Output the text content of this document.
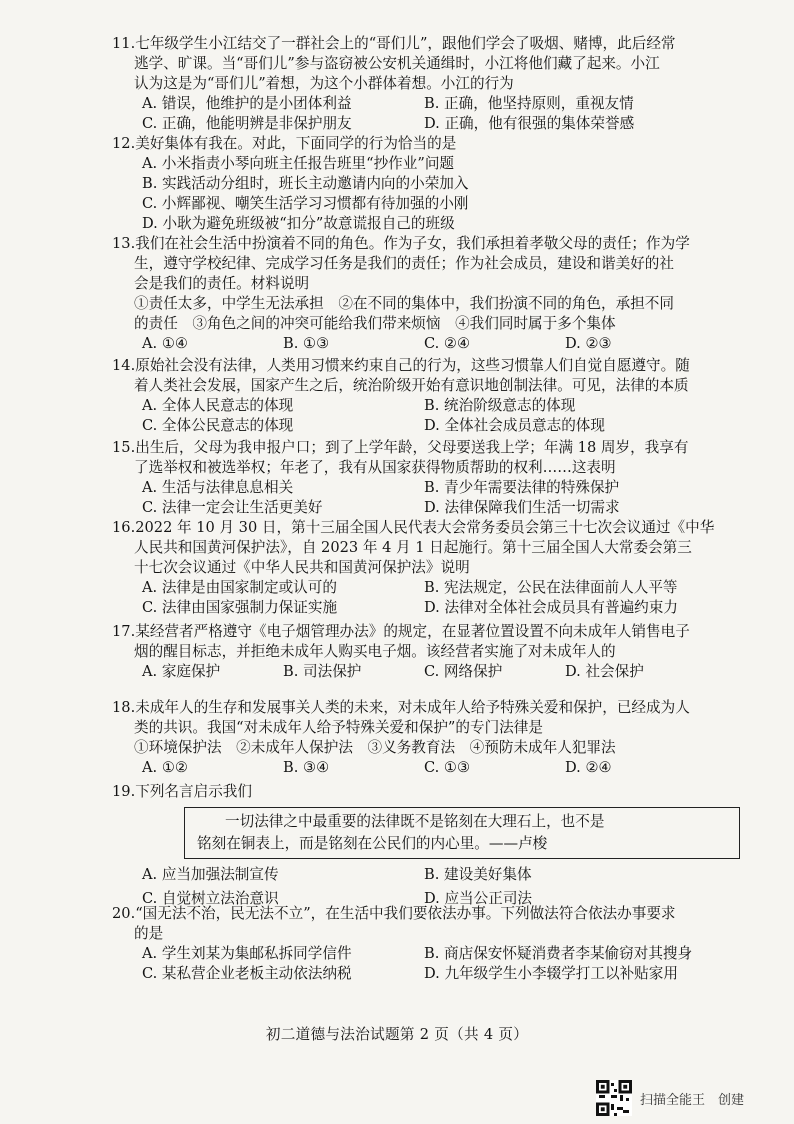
11.七年级学生小江结交了一群社会上的“哥们儿”，跟他们学会了吸烟、赌博，此后经常
逃学、旷课。当“哥们儿”参与盗窃被公安机关通缉时，小江将他们藏了起来。小江
认为这是为“哥们儿”着想，为这个小群体着想。小江的行为
A. 错误，他维护的是小团体利益	B. 正确，他坚持原则，重视友情
C. 正确，他能明辨是非保护朋友	D. 正确，他有很强的集体荣誉感
12.美好集体有我在。对此，下面同学的行为恰当的是
A. 小米指责小琴向班主任报告班里“抄作业”问题
B. 实践活动分组时，班长主动邀请内向的小荣加入
C. 小辉鄙视、嘲笑生活学习习惯都有待加强的小刚
D. 小耿为避免班级被“扣分”故意谎报自己的班级
13.我们在社会生活中扮演着不同的角色。作为子女，我们承担着孝敬父母的责任；作为学
生，遵守学校纪律、完成学习任务是我们的责任；作为社会成员，建设和谐美好的社
会是我们的责任。材料说明
①责任太多，中学生无法承担　②在不同的集体中，我们扮演不同的角色，承担不同
的责任　③角色之间的冲突可能给我们带来烦恼　④我们同时属于多个集体
A. ①④	B. ①③	C. ②④	D. ②③
14.原始社会没有法律，人类用习惯来约束自己的行为，这些习惯靠人们自觉自愿遵守。随
着人类社会发展，国家产生之后，统治阶级开始有意识地创制法律。可见，法律的本质
A. 全体人民意志的体现	B. 统治阶级意志的体现
C. 全体公民意志的体现	D. 全体社会成员意志的体现
15.出生后，父母为我申报户口；到了上学年龄，父母要送我上学；年满 18 周岁，我享有
了选举权和被选举权；年老了，我有从国家获得物质帮助的权利……这表明
A. 生活与法律息息相关	B. 青少年需要法律的特殊保护
C. 法律一定会让生活更美好	D. 法律保障我们生活一切需求
16.2022 年 10 月 30 日，第十三届全国人民代表大会常务委员会第三十七次会议通过《中华
人民共和国黄河保护法》，自 2023 年 4 月 1 日起施行。第十三届全国人大常委会第三
十七次会议通过《中华人民共和国黄河保护法》说明
A. 法律是由国家制定或认可的	B. 宪法规定，公民在法律面前人人平等
C. 法律由国家强制力保证实施	D. 法律对全体社会成员具有普遍约束力
17.某经营者严格遵守《电子烟管理办法》的规定，在显著位置设置不向未成年人销售电子
烟的醒目标志，并拒绝未成年人购买电子烟。该经营者实施了对未成年人的
A. 家庭保护	B. 司法保护	C. 网络保护	D. 社会保护
18.未成年人的生存和发展事关人类的未来，对未成年人给予特殊关爱和保护，已经成为人
类的共识。我国“对未成年人给予特殊关爱和保护”的专门法律是
①环境保护法　②未成年人保护法　③义务教育法　④预防未成年人犯罪法
A. ①②	B. ③④	C. ①③	D. ②④
19.下列名言启示我们
一切法律之中最重要的法律既不是铭刻在大理石上，也不是
铭刻在铜表上，而是铭刻在公民们的内心里。——卢梭
A. 应当加强法制宣传	B. 建设美好集体
C. 自觉树立法治意识	D. 应当公正司法
20.“国无法不治，民无法不立”，在生活中我们要依法办事。下列做法符合依法办事要求
的是
A. 学生刘某为集邮私拆同学信件	B. 商店保安怀疑消费者李某偷窃对其搜身
C. 某私营企业老板主动依法纳税	D. 九年级学生小李辍学打工以补贴家用
初二道德与法治试题第 2 页（共 4 页）
扫描全能王　创建
